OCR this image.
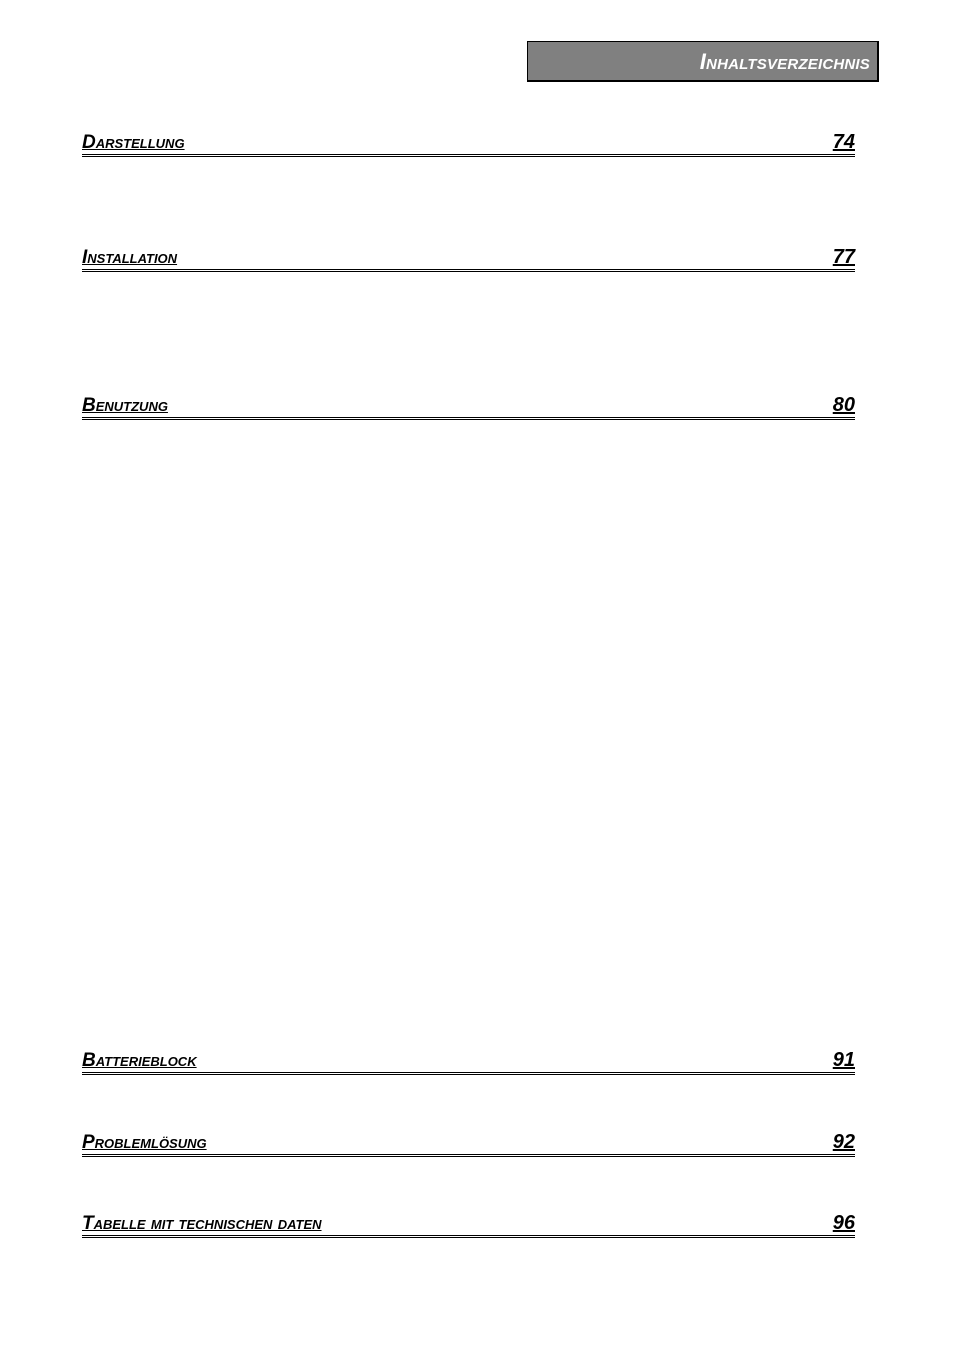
Inhaltsverzeichnis
Darstellung	74
Installation	77
Benutzung	80
Batterieblock	91
Problemlösung	92
Tabelle mit technischen daten	96
